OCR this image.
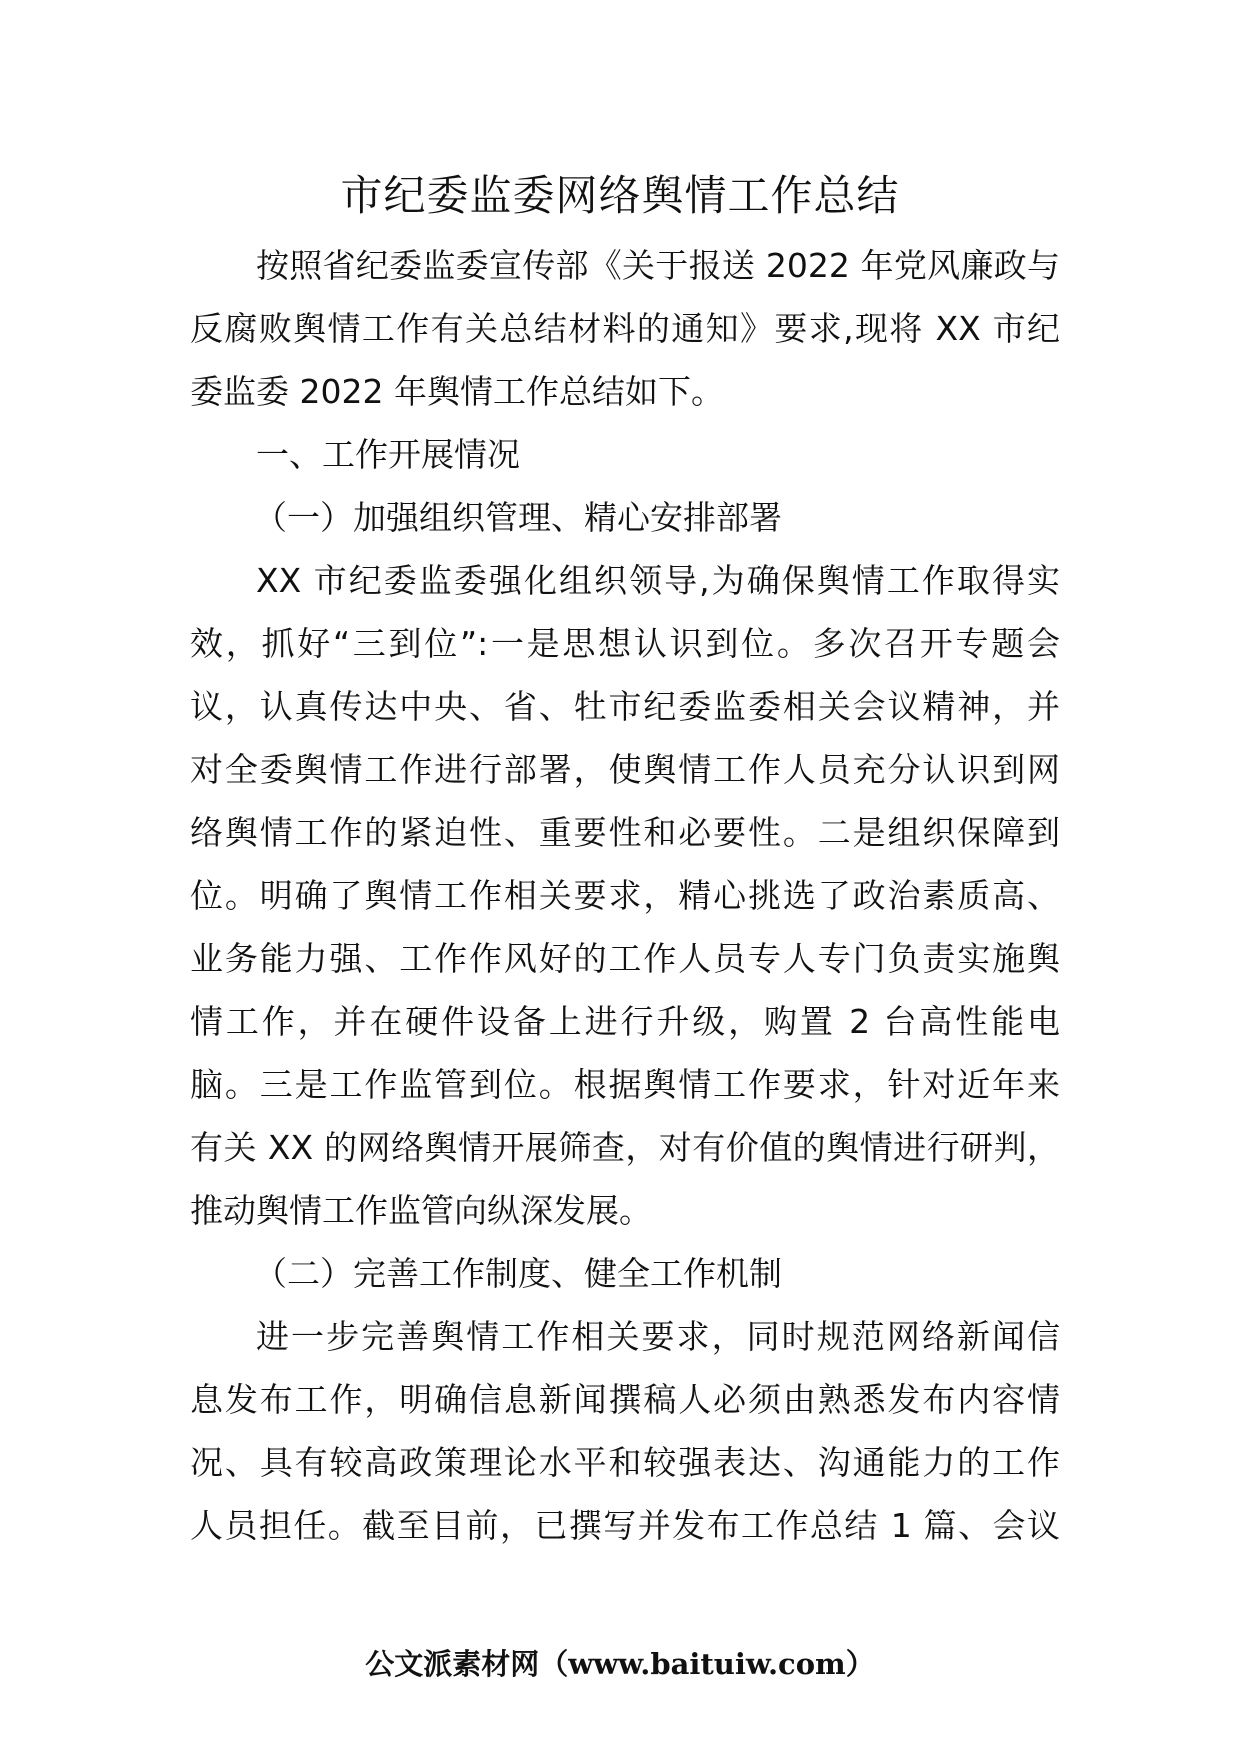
市纪委监委网络舆情工作总结
按照省纪委监委宣传部《关于报送 2022 年党风廉政与
反腐败舆情工作有关总结材料的通知》要求,现将 XX 市纪
委监委 2022 年舆情工作总结如下。
一、工作开展情况
（一）加强组织管理、精心安排部署
XX 市纪委监委强化组织领导,为确保舆情工作取得实
效，抓好“三到位”:一是思想认识到位。多次召开专题会
议，认真传达中央、省、牡市纪委监委相关会议精神，并
对全委舆情工作进行部署，使舆情工作人员充分认识到网
络舆情工作的紧迫性、重要性和必要性。二是组织保障到
位。明确了舆情工作相关要求，精心挑选了政治素质高、
业务能力强、工作作风好的工作人员专人专门负责实施舆
情工作，并在硬件设备上进行升级，购置 2 台高性能电
脑。三是工作监管到位。根据舆情工作要求，针对近年来
有关 XX 的网络舆情开展筛查，对有价值的舆情进行研判，
推动舆情工作监管向纵深发展。
（二）完善工作制度、健全工作机制
进一步完善舆情工作相关要求，同时规范网络新闻信
息发布工作，明确信息新闻撰稿人必须由熟悉发布内容情
况、具有较高政策理论水平和较强表达、沟通能力的工作
人员担任。截至目前，已撰写并发布工作总结 1 篇、会议
公文派素材网（www.baituiw.com）
